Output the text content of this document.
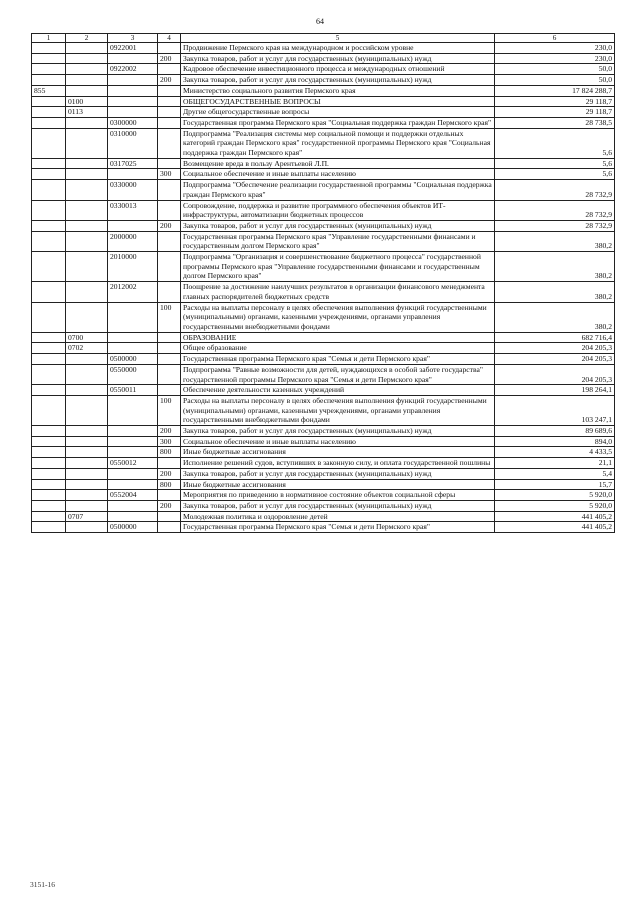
64
1	2	3	4	5	6
		0922001		Продвижение Пермского края на международном и российском уровне	230,0
			200	Закупка товаров, работ и услуг для государственных (муниципальных) нужд	230,0
		0922002		Кадровое обеспечение инвестиционного процесса и международных отношений	50,0
			200	Закупка товаров, работ и услуг для государственных (муниципальных) нужд	50,0
855				Министерство социального развития Пермского края	17 824 288,7
	0100			ОБЩЕГОСУДАРСТВЕННЫЕ ВОПРОСЫ	29 118,7
	0113			Другие общегосударственные вопросы	29 118,7
		0300000		Государственная программа Пермского края "Социальная поддержка граждан Пермского края"	28 738,5
		0310000		Подпрограмма "Реализация системы мер социальной помощи и поддержки отдельных категорий граждан Пермского края" государственной программы Пермского края "Социальная поддержка граждан Пермского края"	5,6
		0317025		Возмещение вреда в пользу Арентьевой Л.П.	5,6
			300	Социальное обеспечение и иные выплаты населению	5,6
		0330000		Подпрограмма "Обеспечение реализации государственной программы "Социальная поддержка граждан Пермского края"	28 732,9
		0330013		Сопровождение, поддержка и развитие программного обеспечения объектов ИТ-инфраструктуры, автоматизации бюджетных процессов	28 732,9
			200	Закупка товаров, работ и услуг для государственных (муниципальных) нужд	28 732,9
		2000000		Государственная программа Пермского края "Управление государственными финансами и государственным долгом Пермского края"	380,2
		2010000		Подпрограмма "Организация и совершенствование бюджетного процесса" государственной программы Пермского края "Управление государственными финансами и государственным долгом Пермского края"	380,2
		2012002		Поощрение за достижение наилучших результатов в организации финансового менеджмента главных распорядителей бюджетных средств	380,2
			100	Расходы на выплаты персоналу в целях обеспечения выполнения функций государственными (муниципальными) органами, казенными учреждениями, органами управления государственными внебюджетными фондами	380,2
	0700			ОБРАЗОВАНИЕ	682 716,4
	0702			Общее образование	204 205,3
		0500000		Государственная программа Пермского края "Семья и дети Пермского края"	204 205,3
		0550000		Подпрограмма "Равные возможности для детей, нуждающихся в особой заботе государства" государственной программы Пермского края "Семья и дети Пермского края"	204 205,3
		0550011		Обеспечение деятельности казенных учреждений	198 264,1
			100	Расходы на выплаты персоналу в целях обеспечения выполнения функций государственными (муниципальными) органами, казенными учреждениями, органами управления государственными внебюджетными фондами	103 247,1
			200	Закупка товаров, работ и услуг для государственных (муниципальных) нужд	89 689,6
			300	Социальное обеспечение и иные выплаты населению	894,0
			800	Иные бюджетные ассигнования	4 433,5
		0550012		Исполнение решений судов, вступивших в законную силу, и оплата государственной пошлины	21,1
			200	Закупка товаров, работ и услуг для государственных (муниципальных) нужд	5,4
			800	Иные бюджетные ассигнования	15,7
		0552004		Мероприятия по приведению в нормативное состояние объектов социальной сферы	5 920,0
			200	Закупка товаров, работ и услуг для государственных (муниципальных) нужд	5 920,0
	0707			Молодежная политика и оздоровление детей	441 405,2
		0500000		Государственная программа Пермского края "Семья и дети Пермского края"	441 405,2
3151-16
